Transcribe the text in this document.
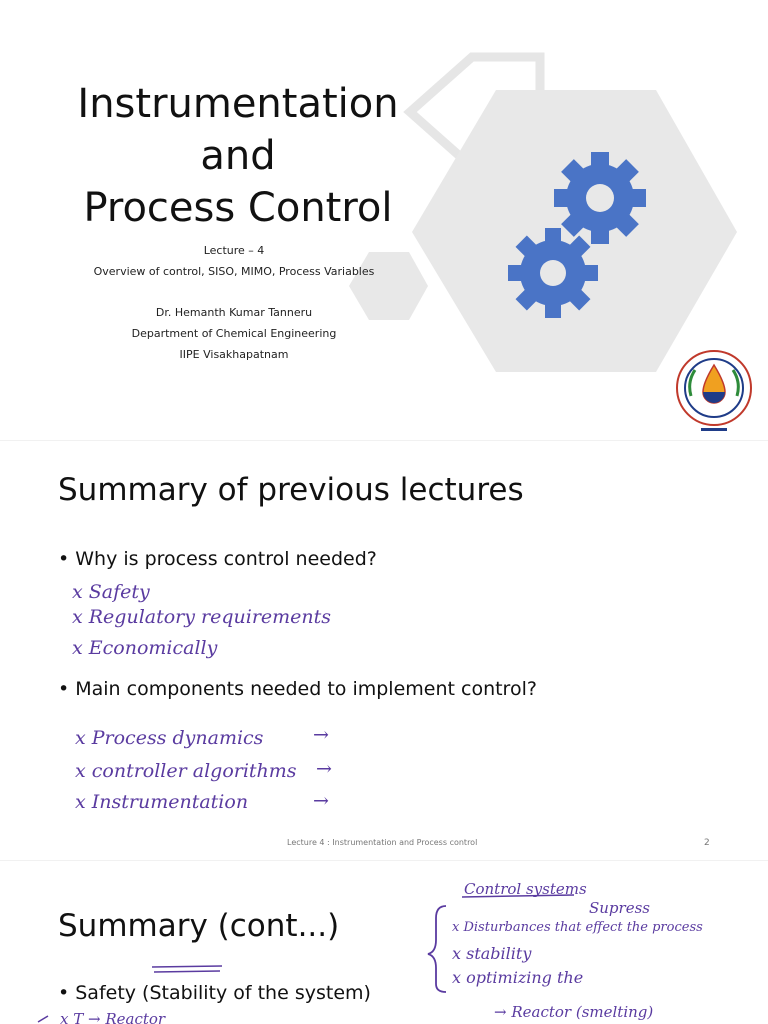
Instrumentation
and
Process Control
Lecture – 4
Overview of control, SISO, MIMO, Process Variables
Dr. Hemanth Kumar Tanneru
Department of Chemical Engineering
IIPE Visakhapatnam
Summary of previous lectures
• Why is process control needed?
x Safety
x Regulatory requirements
x Economically
• Main components needed to implement control?
x Process dynamics
x controller algorithms
x Instrumentation
→
→
→
Lecture 4 : Instrumentation and Process control	2
Summary (cont...)
• Safety (Stability of the system)
Control systems
Supress
x Disturbances that effect the process
x stability
x optimizing the
→ Reactor (smelting)
x T → Reactor
